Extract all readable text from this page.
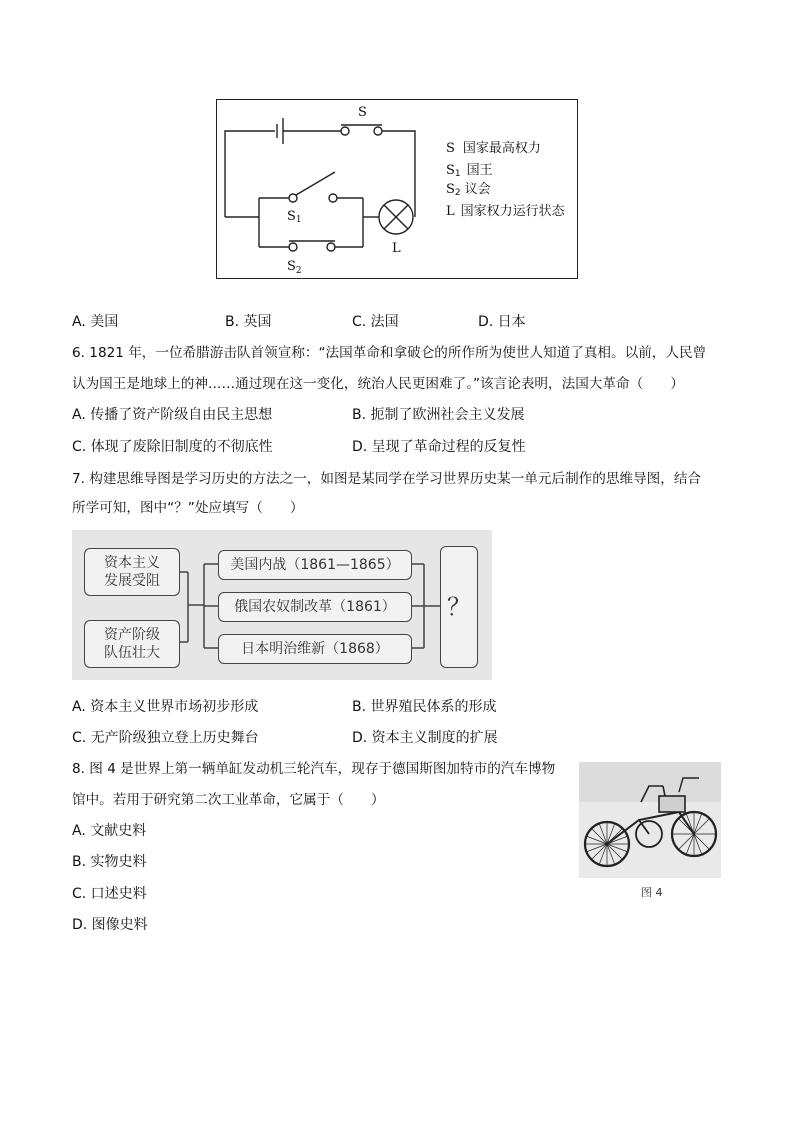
S
S1
$S_2$
L
S 国家最高权力
S1 国王
S2 议会
L 国家权力运行状态
A. 美国	B. 英国	C. 法国	D. 日本
6. 1821 年，一位希腊游击队首领宣称：“法国革命和拿破仑的所作所为使世人知道了真相。以前，人民曾
认为国王是地球上的神……通过现在这一变化，统治人民更困难了。”该言论表明，法国大革命（　　）
A. 传播了资产阶级自由民主思想	B. 扼制了欧洲社会主义发展
C. 体现了废除旧制度的不彻底性	D. 呈现了革命过程的反复性
7. 构建思维导图是学习历史的方法之一，如图是某同学在学习世界历史某一单元后制作的思维导图，结合
所学可知，图中“？”处应填写（　　）
资本主义
发展受阻
资产阶级
队伍壮大
美国内战（1861—1865）
俄国农奴制改革（1861）
日本明治维新（1868）
？
A. 资本主义世界市场初步形成	B. 世界殖民体系的形成
C. 无产阶级独立登上历史舞台	D. 资本主义制度的扩展
8. 图 4 是世界上第一辆单缸发动机三轮汽车，现存于德国斯图加特市的汽车博物
馆中。若用于研究第二次工业革命，它属于（　　）
A. 文献史料
B. 实物史料
C. 口述史料
D. 图像史料
图 4
